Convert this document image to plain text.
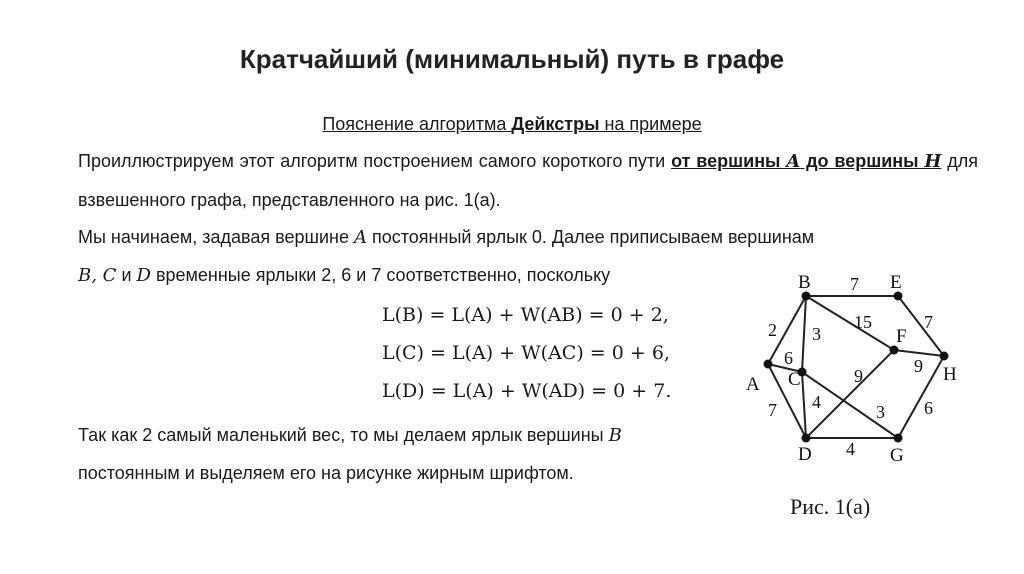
Кратчайший (минимальный) путь в графе
Пояснение алгоритма Дейкстры на примере
Проиллюстрируем этот алгоритм построением самого короткого пути от вершины A до вершины H для взвешенного графа, представленного на рис. 1(а).
Мы начинаем, задавая вершине A постоянный ярлык 0. Далее приписываем вершинам
B, C и D временные ярлыки 2, 6 и 7 соответственно, поскольку
L(B) = L(A) + W(AB) = 0 + 2,
L(C) = L(A) + W(AC) = 0 + 6,
L(D) = L(A) + W(AD) = 0 + 7.
Так как 2 самый маленький вес, то мы делаем ярлык вершины B
постоянным и выделяем его на рисунке жирным шрифтом.
A
B
C
D
E
F
G
H
2
6
7
7
3
15	7
9
4	3
9
4
6
Рис. 1(а)
